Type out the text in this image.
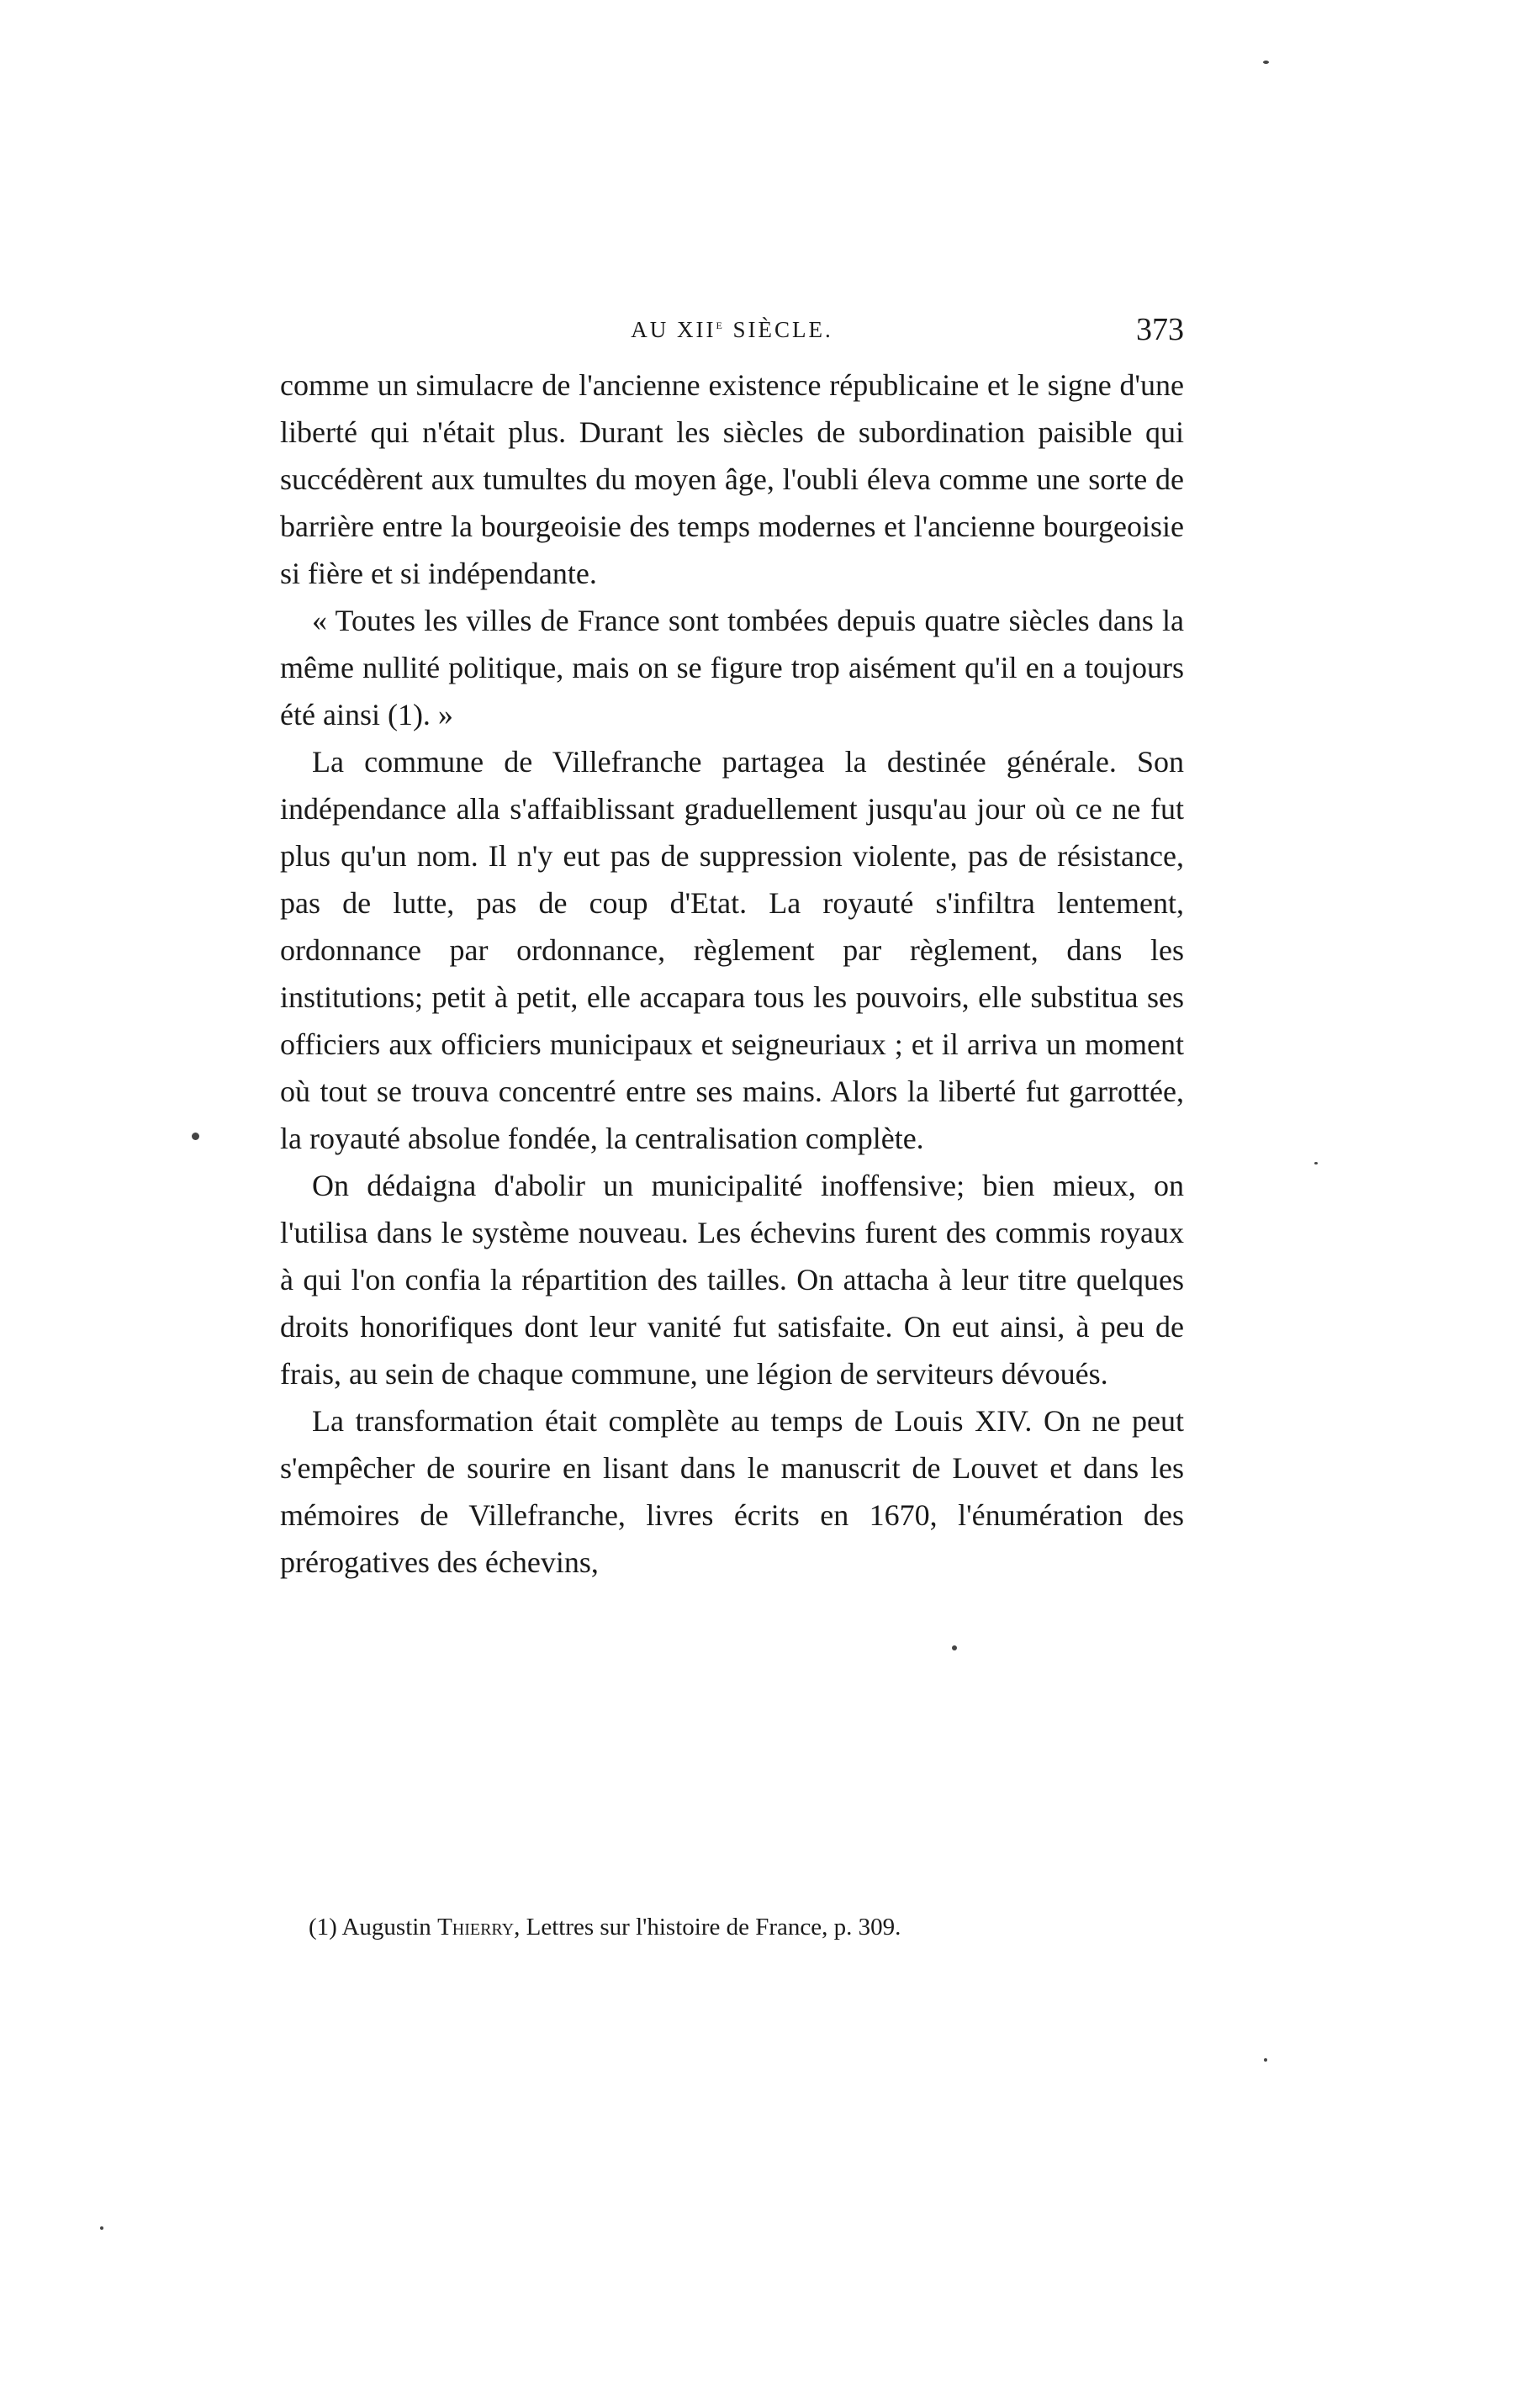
AU XIIe SIÈCLE.	373

comme un simulacre de l'ancienne existence républicaine et le signe d'une liberté qui n'était plus. Durant les siècles de subordination paisible qui succédèrent aux tumultes du moyen âge, l'oubli éleva comme une sorte de barrière entre la bourgeoisie des temps modernes et l'ancienne bourgeoisie si fière et si indépendante.

« Toutes les villes de France sont tombées depuis quatre siècles dans la même nullité politique, mais on se figure trop aisément qu'il en a toujours été ainsi (1). »

La commune de Villefranche partagea la destinée générale. Son indépendance alla s'affaiblissant graduellement jusqu'au jour où ce ne fut plus qu'un nom. Il n'y eut pas de suppression violente, pas de résistance, pas de lutte, pas de coup d'Etat. La royauté s'infiltra lentement, ordonnance par ordonnance, règlement par règlement, dans les institutions; petit à petit, elle accapara tous les pouvoirs, elle substitua ses officiers aux officiers municipaux et seigneuriaux ; et il arriva un moment où tout se trouva concentré entre ses mains. Alors la liberté fut garrottée, la royauté absolue fondée, la centralisation complète.

On dédaigna d'abolir un municipalité inoffensive; bien mieux, on l'utilisa dans le système nouveau. Les échevins furent des commis royaux à qui l'on confia la répartition des tailles. On attacha à leur titre quelques droits honorifiques dont leur vanité fut satisfaite. On eut ainsi, à peu de frais, au sein de chaque commune, une légion de serviteurs dévoués.

La transformation était complète au temps de Louis XIV. On ne peut s'empêcher de sourire en lisant dans le manuscrit de Louvet et dans les mémoires de Villefranche, livres écrits en 1670, l'énumération des prérogatives des échevins,

(1) Augustin Thierry, Lettres sur l'histoire de France, p. 309.
